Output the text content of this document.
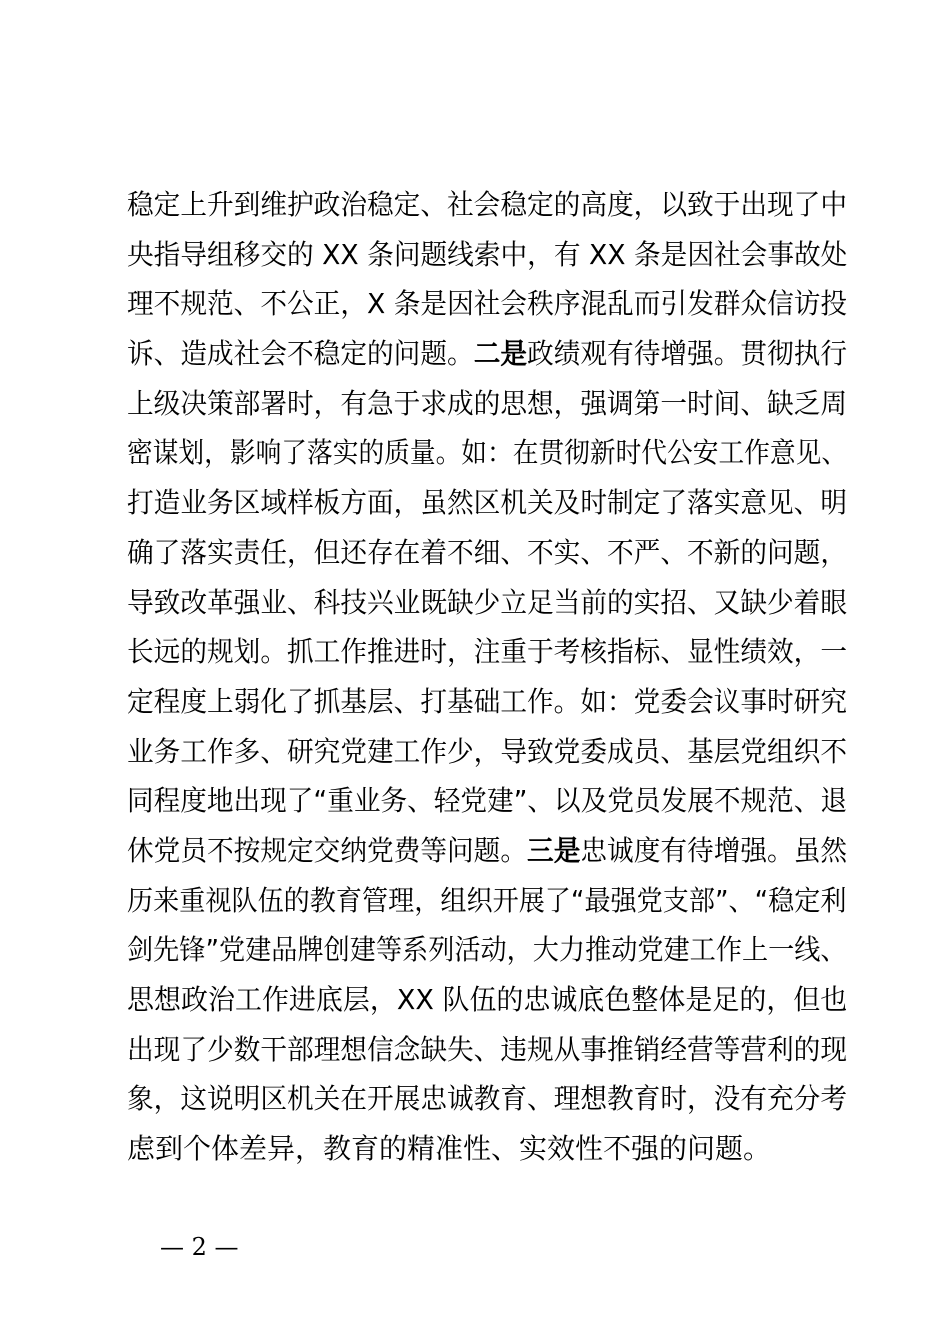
稳定上升到维护政治稳定、社会稳定的高度，以致于出现了中
央指导组移交的 XX 条问题线索中，有 XX 条是因社会事故处
理不规范、不公正，X 条是因社会秩序混乱而引发群众信访投
诉、造成社会不稳定的问题。二是政绩观有待增强。贯彻执行
上级决策部署时，有急于求成的思想，强调第一时间、缺乏周
密谋划，影响了落实的质量。如：在贯彻新时代公安工作意见、
打造业务区域样板方面，虽然区机关及时制定了落实意见、明
确了落实责任，但还存在着不细、不实、不严、不新的问题，
导致改革强业、科技兴业既缺少立足当前的实招、又缺少着眼
长远的规划。抓工作推进时，注重于考核指标、显性绩效，一
定程度上弱化了抓基层、打基础工作。如：党委会议事时研究
业务工作多、研究党建工作少，导致党委成员、基层党组织不
同程度地出现了“重业务、轻党建”、以及党员发展不规范、退
休党员不按规定交纳党费等问题。三是忠诚度有待增强。虽然
历来重视队伍的教育管理，组织开展了“最强党支部”、“稳定利
剑先锋”党建品牌创建等系列活动，大力推动党建工作上一线、
思想政治工作进底层，XX 队伍的忠诚底色整体是足的，但也
出现了少数干部理想信念缺失、违规从事推销经营等营利的现
象，这说明区机关在开展忠诚教育、理想教育时，没有充分考
虑到个体差异，教育的精准性、实效性不强的问题。
— 2 —
